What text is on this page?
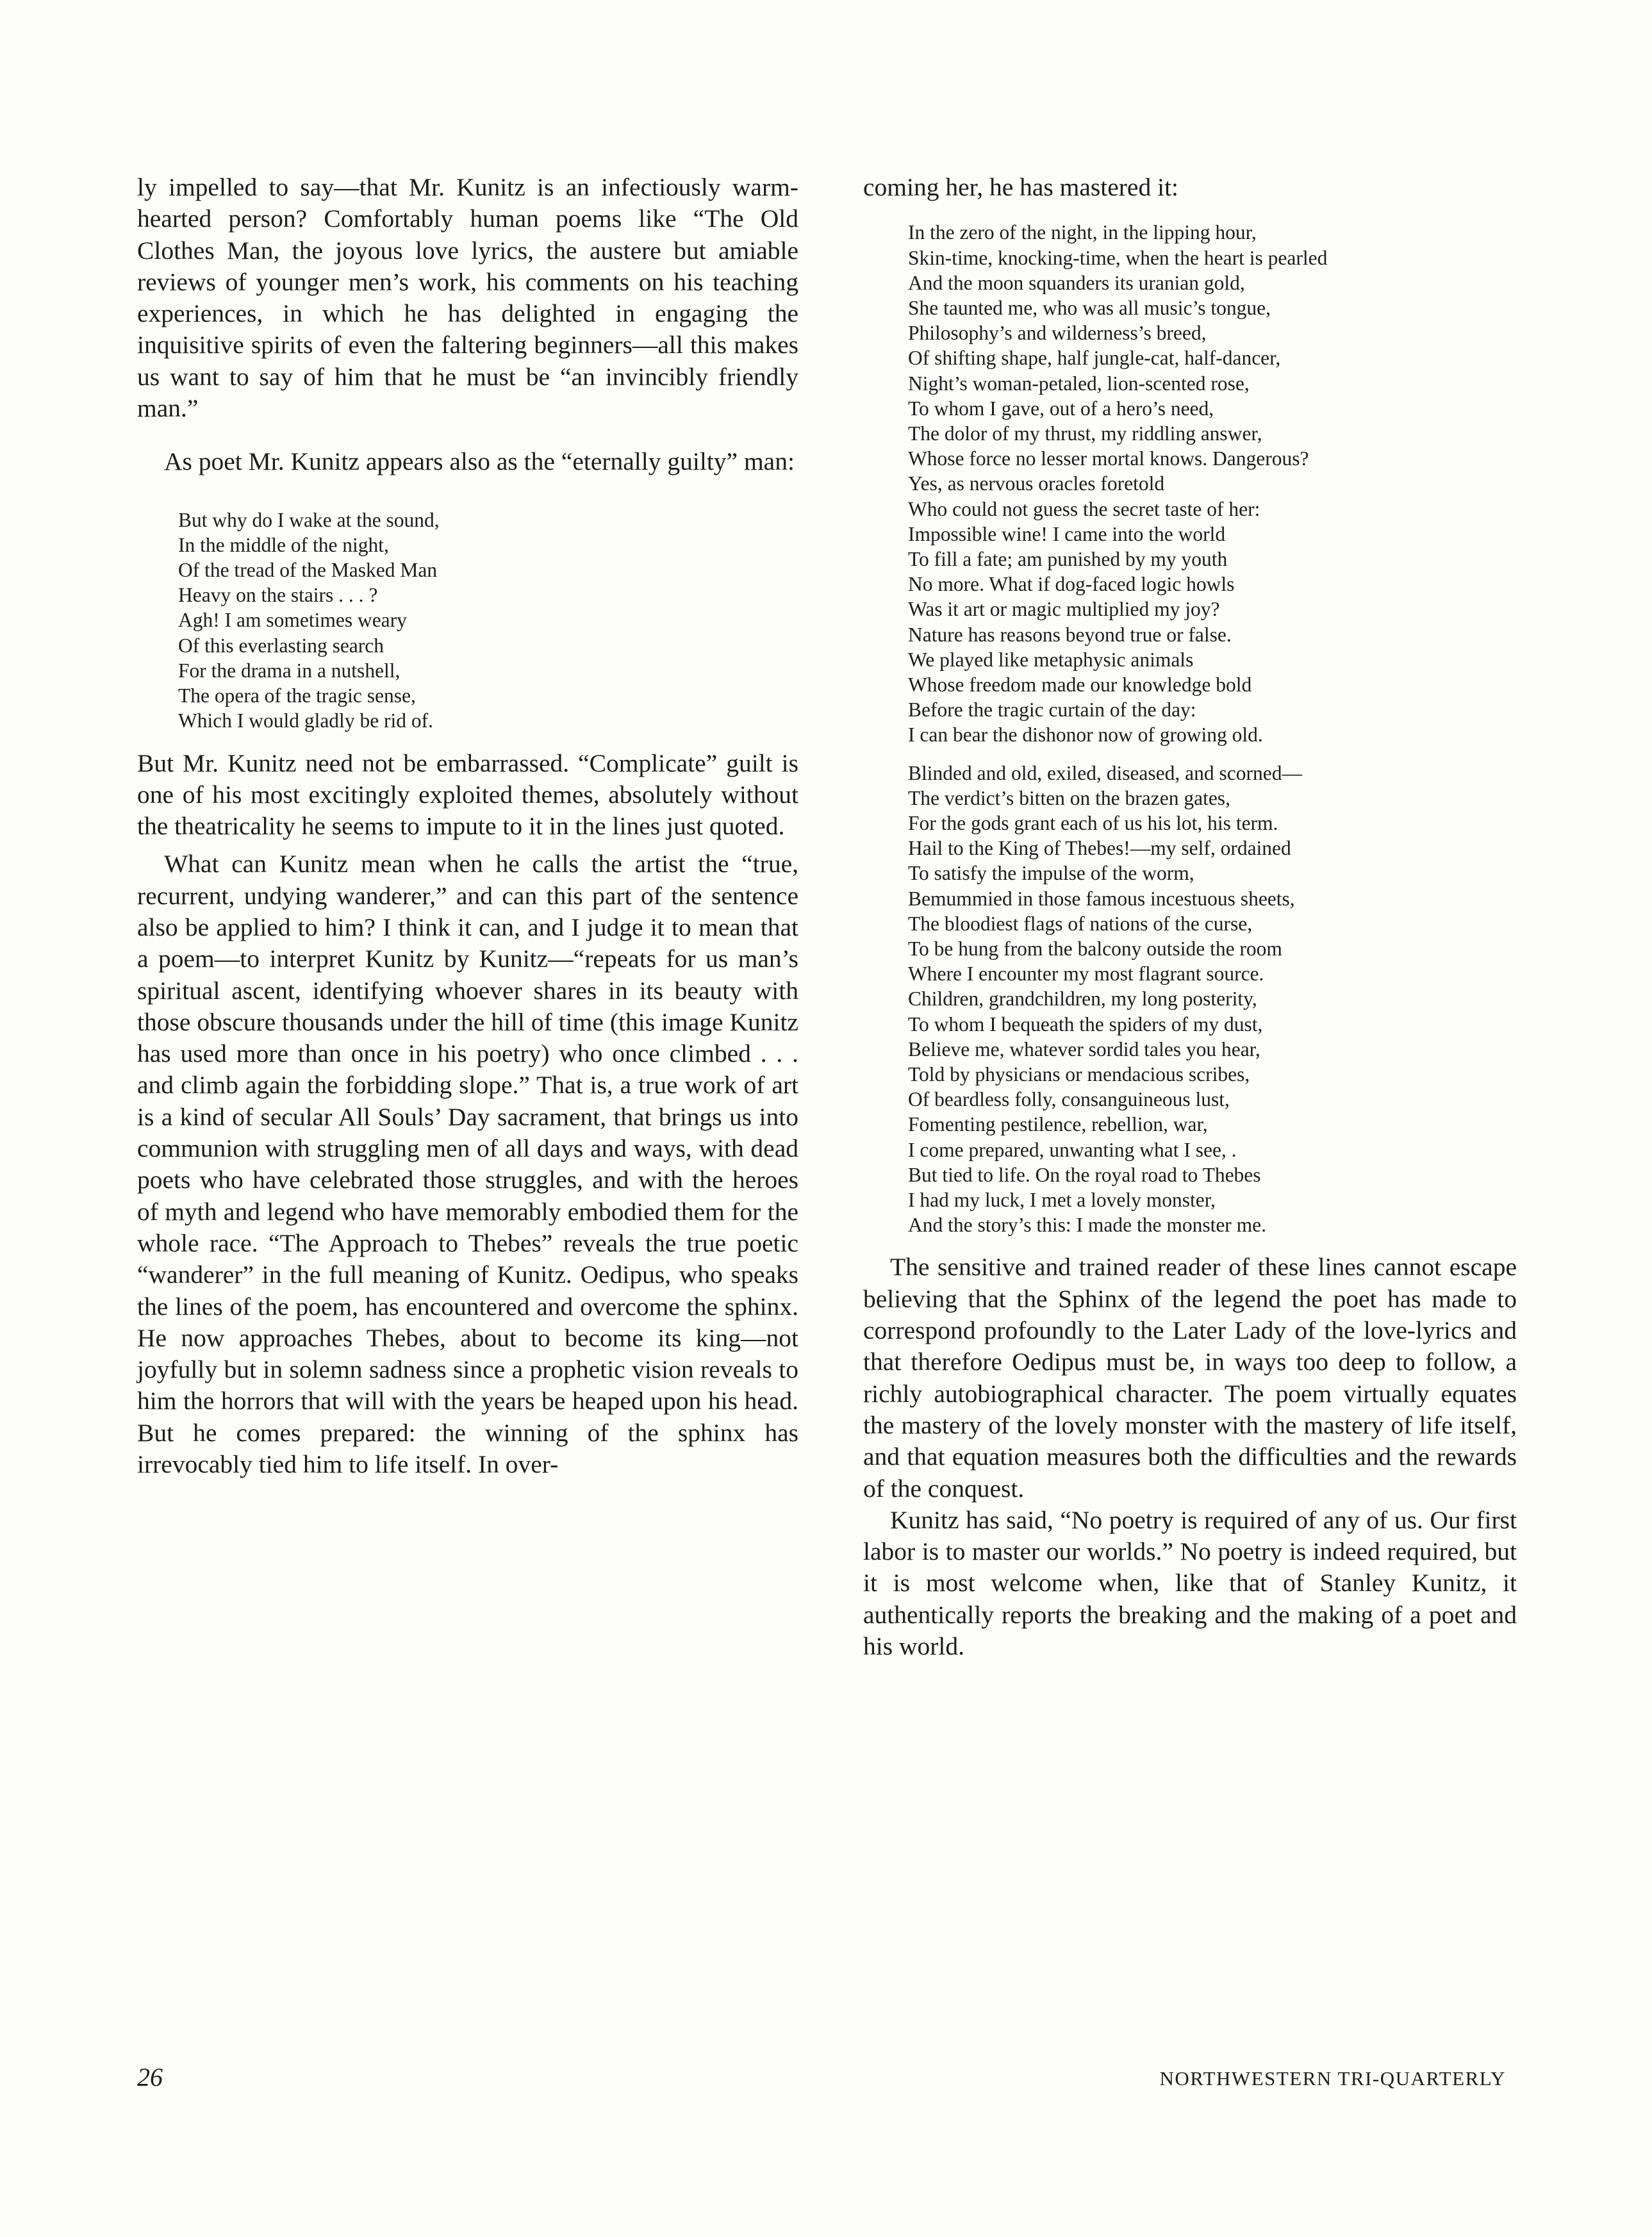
ly impelled to say—that Mr. Kunitz is an infectiously warm-hearted person? Comfortably human poems like “The Old Clothes Man, the joyous love lyrics, the austere but amiable reviews of younger men’s work, his comments on his teaching experiences, in which he has delighted in engaging the inquisitive spirits of even the faltering beginners—all this makes us want to say of him that he must be “an invincibly friendly man.”

As poet Mr. Kunitz appears also as the “eternally guilty” man:

But why do I wake at the sound,
In the middle of the night,
Of the tread of the Masked Man
Heavy on the stairs . . . ?
Agh! I am sometimes weary
Of this everlasting search
For the drama in a nutshell,
The opera of the tragic sense,
Which I would gladly be rid of.

But Mr. Kunitz need not be embarrassed. “Complicate” guilt is one of his most excitingly exploited themes, absolutely without the theatricality he seems to impute to it in the lines just quoted.

What can Kunitz mean when he calls the artist the “true, recurrent, undying wanderer,” and can this part of the sentence also be applied to him? I think it can, and I judge it to mean that a poem—to interpret Kunitz by Kunitz—“repeats for us man’s spiritual ascent, identifying whoever shares in its beauty with those obscure thousands under the hill of time (this image Kunitz has used more than once in his poetry) who once climbed . . . and climb again the forbidding slope.” That is, a true work of art is a kind of secular All Souls’ Day sacrament, that brings us into communion with struggling men of all days and ways, with dead poets who have celebrated those struggles, and with the heroes of myth and legend who have memorably embodied them for the whole race. “The Approach to Thebes” reveals the true poetic “wanderer” in the full meaning of Kunitz. Oedipus, who speaks the lines of the poem, has encountered and overcome the sphinx. He now approaches Thebes, about to become its king—not joyfully but in solemn sadness since a prophetic vision reveals to him the horrors that will with the years be heaped upon his head. But he comes prepared: the winning of the sphinx has irrevocably tied him to life itself. In over-

coming her, he has mastered it:

In the zero of the night, in the lipping hour,
Skin-time, knocking-time, when the heart is pearled
And the moon squanders its uranian gold,
She taunted me, who was all music’s tongue,
Philosophy’s and wilderness’s breed,
Of shifting shape, half jungle-cat, half-dancer,
Night’s woman-petaled, lion-scented rose,
To whom I gave, out of a hero’s need,
The dolor of my thrust, my riddling answer,
Whose force no lesser mortal knows. Dangerous?
Yes, as nervous oracles foretold
Who could not guess the secret taste of her:
Impossible wine! I came into the world
To fill a fate; am punished by my youth
No more. What if dog-faced logic howls
Was it art or magic multiplied my joy?
Nature has reasons beyond true or false.
We played like metaphysic animals
Whose freedom made our knowledge bold
Before the tragic curtain of the day:
I can bear the dishonor now of growing old.
Blinded and old, exiled, diseased, and scorned—
The verdict’s bitten on the brazen gates,
For the gods grant each of us his lot, his term.
Hail to the King of Thebes!—my self, ordained
To satisfy the impulse of the worm,
Bemummied in those famous incestuous sheets,
The bloodiest flags of nations of the curse,
To be hung from the balcony outside the room
Where I encounter my most flagrant source.
Children, grandchildren, my long posterity,
To whom I bequeath the spiders of my dust,
Believe me, whatever sordid tales you hear,
Told by physicians or mendacious scribes,
Of beardless folly, consanguineous lust,
Fomenting pestilence, rebellion, war,
I come prepared, unwanting what I see, .
But tied to life. On the royal road to Thebes
I had my luck, I met a lovely monster,
And the story’s this: I made the monster me.

The sensitive and trained reader of these lines cannot escape believing that the Sphinx of the legend the poet has made to correspond profoundly to the Later Lady of the love-lyrics and that therefore Oedipus must be, in ways too deep to follow, a richly autobiographical character. The poem virtually equates the mastery of the lovely monster with the mastery of life itself, and that equation measures both the difficulties and the rewards of the conquest.

Kunitz has said, “No poetry is required of any of us. Our first labor is to master our worlds.” No poetry is indeed required, but it is most welcome when, like that of Stanley Kunitz, it authentically reports the breaking and the making of a poet and his world.

26	NORTHWESTERN TRI-QUARTERLY
